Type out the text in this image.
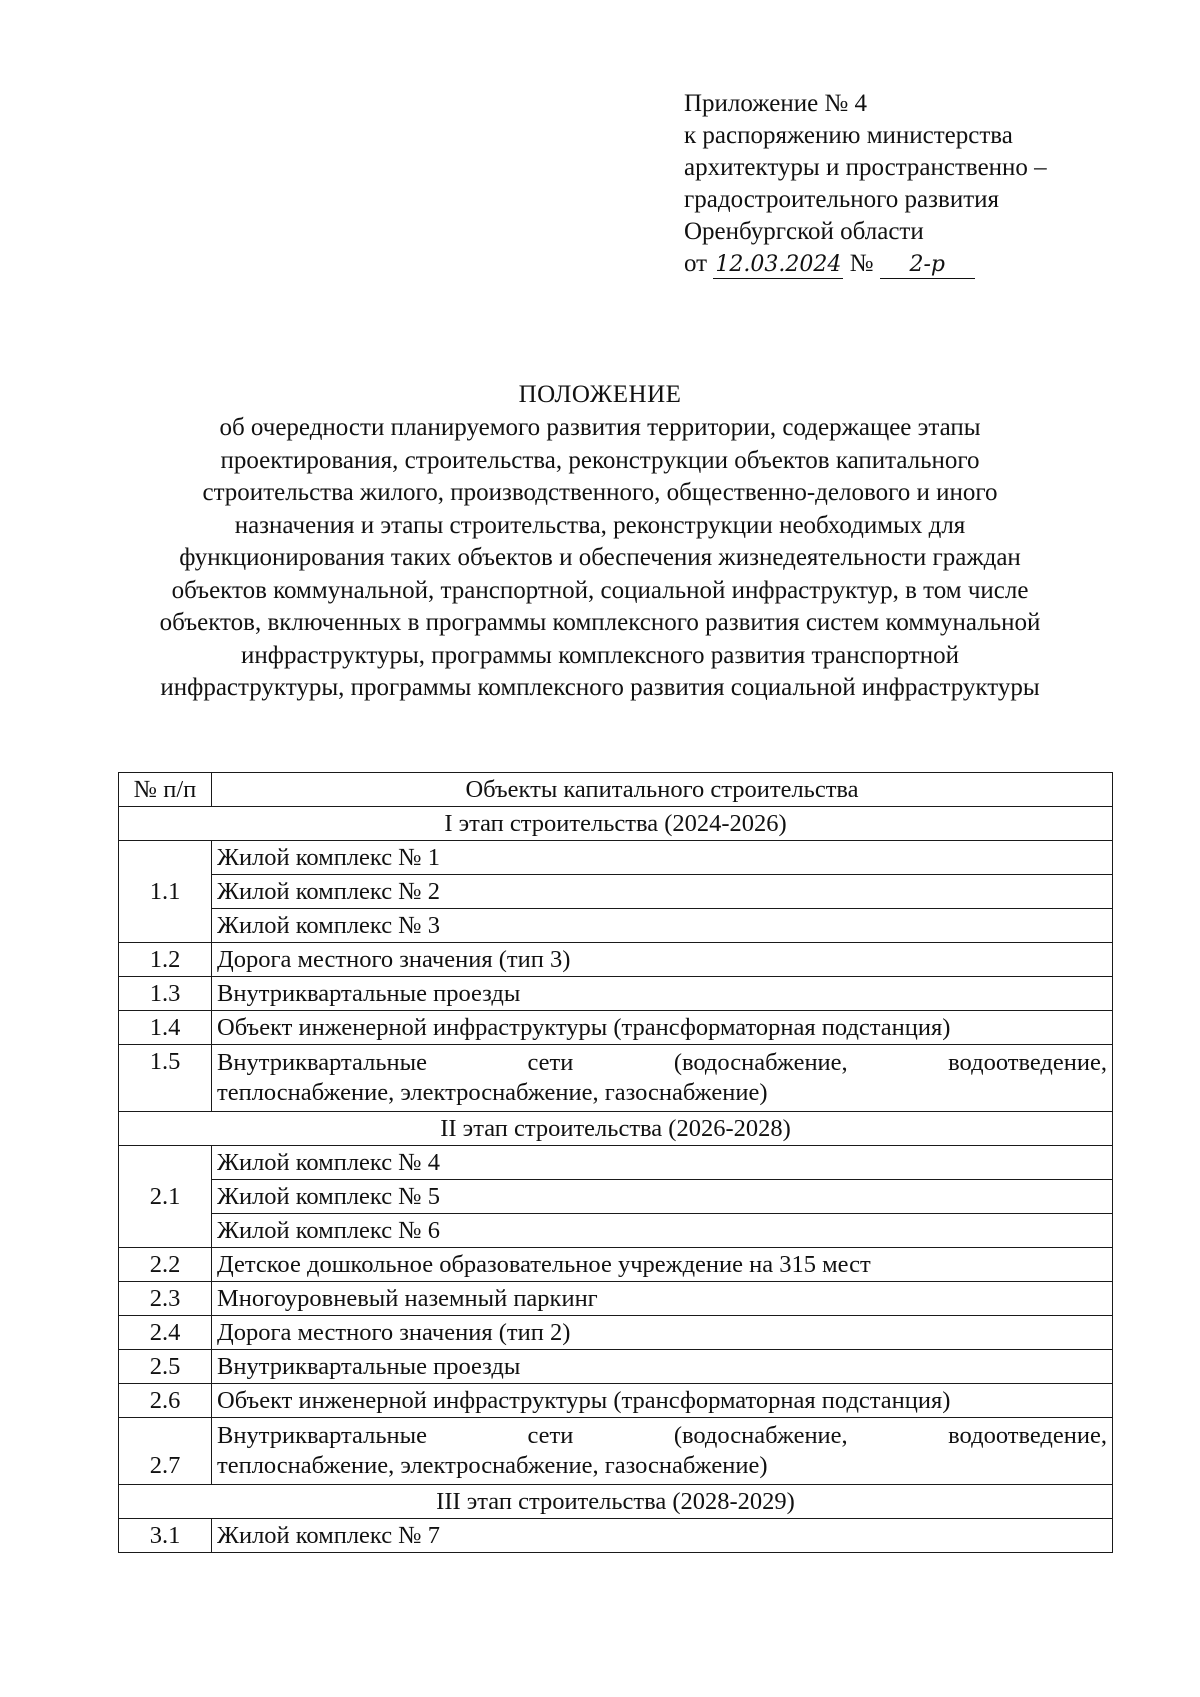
Приложение № 4
к распоряжению министерства
архитектуры и пространственно –
градостроительного развития
Оренбургской области
от 12.03.2024 № 2-р
ПОЛОЖЕНИЕ
об очередности планируемого развития территории, содержащее этапы
проектирования, строительства, реконструкции объектов капитального
строительства жилого, производственного, общественно-делового и иного
назначения и этапы строительства, реконструкции необходимых для
функционирования таких объектов и обеспечения жизнедеятельности граждан
объектов коммунальной, транспортной, социальной инфраструктур, в том числе
объектов, включенных в программы комплексного развития систем коммунальной
инфраструктуры, программы комплексного развития транспортной
инфраструктуры, программы комплексного развития социальной инфраструктуры
№ п/п	Объекты капитального строительства
I этап строительства (2024-2026)	
1.1	Жилой комплекс № 1
	Жилой комплекс № 2
	Жилой комплекс № 3
1.2	Дорога местного значения (тип 3)
1.3	Внутриквартальные проезды
1.4	Объект инженерной инфраструктуры (трансформаторная подстанция)
1.5	Внутриквартальные сети (водоснабжение, водоотведение,
теплоснабжение, электроснабжение, газоснабжение)
II этап строительства (2026-2028)	
2.1	Жилой комплекс № 4
	Жилой комплекс № 5
	Жилой комплекс № 6
2.2	Детское дошкольное образовательное учреждение на 315 мест
2.3	Многоуровневый наземный паркинг
2.4	Дорога местного значения (тип 2)
2.5	Внутриквартальные проезды
2.6	Объект инженерной инфраструктуры (трансформаторная подстанция)
2.7	Внутриквартальные сети (водоснабжение, водоотведение,
теплоснабжение, электроснабжение, газоснабжение)
III этап строительства (2028-2029)	
3.1	Жилой комплекс № 7
